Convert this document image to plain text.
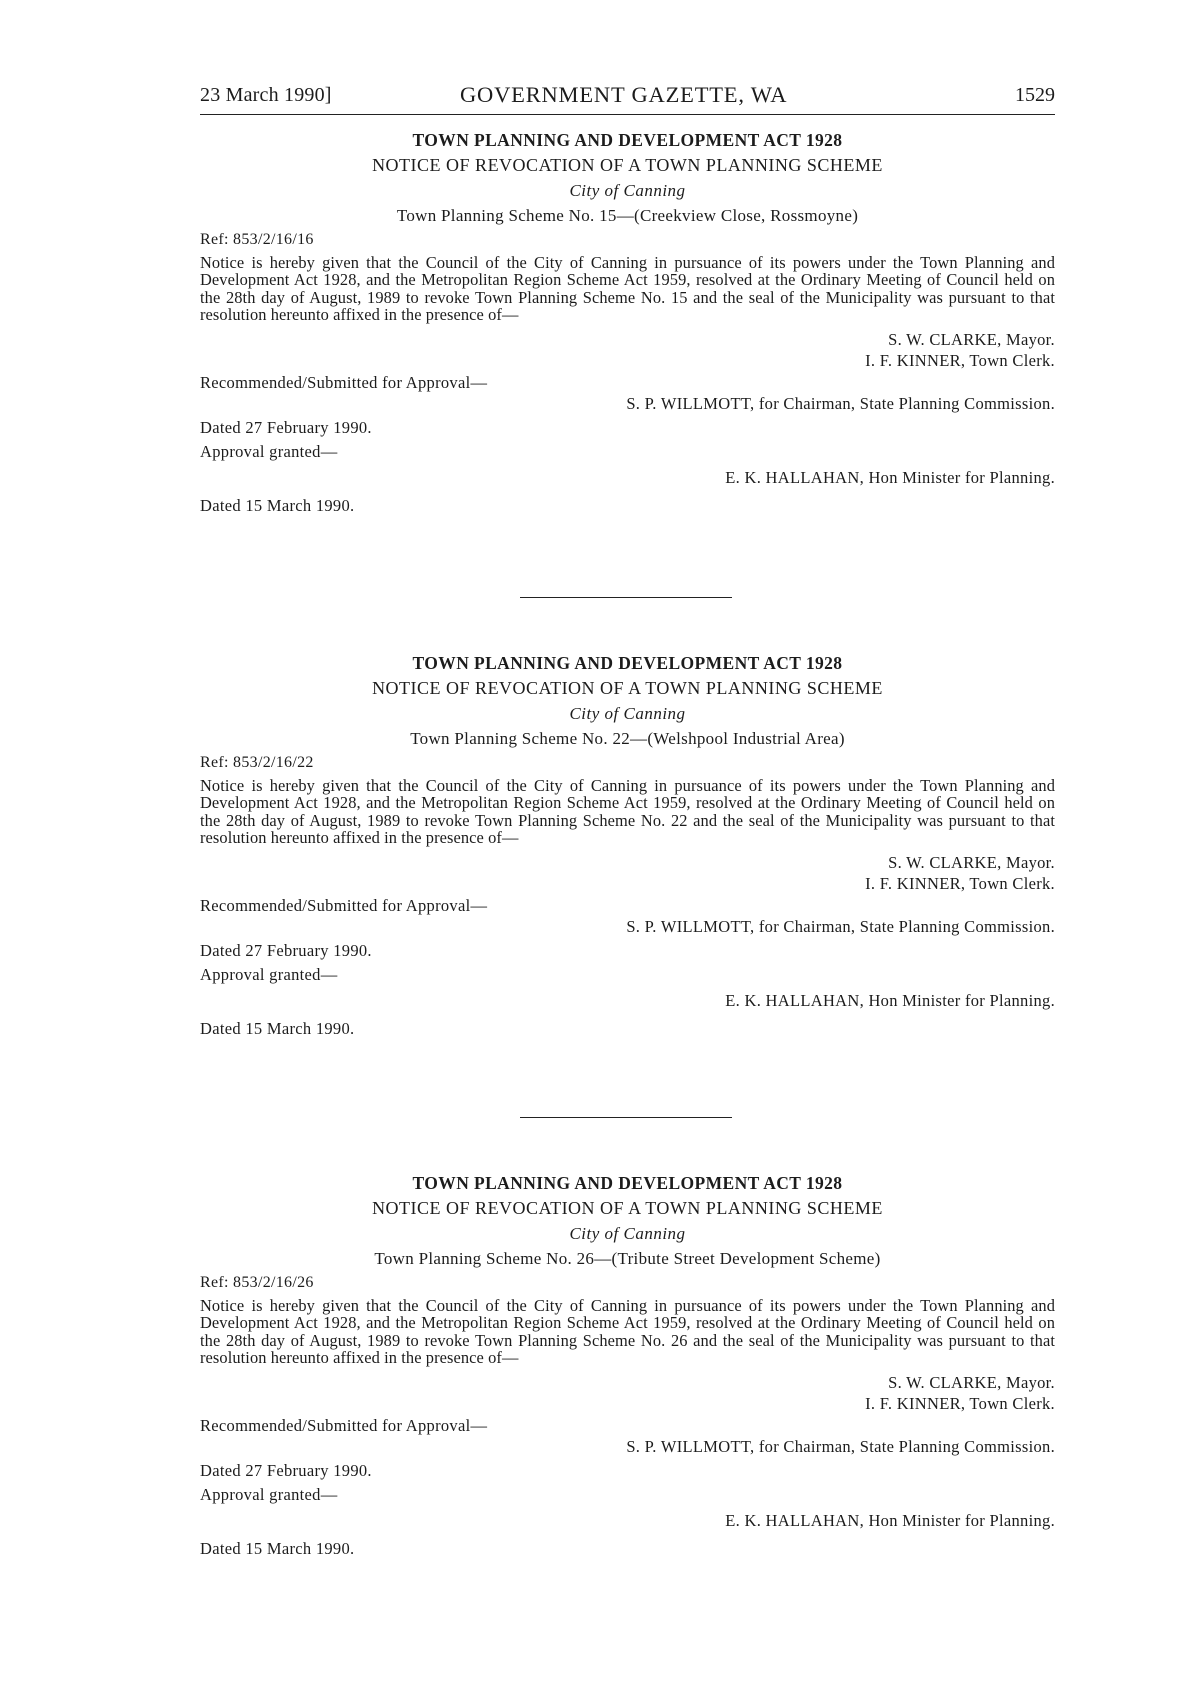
23 March 1990]	GOVERNMENT GAZETTE, WA	1529
TOWN PLANNING AND DEVELOPMENT ACT 1928
NOTICE OF REVOCATION OF A TOWN PLANNING SCHEME
City of Canning
Town Planning Scheme No. 15—(Creekview Close, Rossmoyne)
Ref: 853/2/16/16
Notice is hereby given that the Council of the City of Canning in pursuance of its powers under the Town Planning and Development Act 1928, and the Metropolitan Region Scheme Act 1959, resolved at the Ordinary Meeting of Council held on the 28th day of August, 1989 to revoke Town Planning Scheme No. 15 and the seal of the Municipality was pursuant to that resolution hereunto affixed in the presence of—
S. W. CLARKE, Mayor.
I. F. KINNER, Town Clerk.
Recommended/Submitted for Approval—
S. P. WILLMOTT, for Chairman, State Planning Commission.
Dated 27 February 1990.
Approval granted—
E. K. HALLAHAN, Hon Minister for Planning.
Dated 15 March 1990.
TOWN PLANNING AND DEVELOPMENT ACT 1928
NOTICE OF REVOCATION OF A TOWN PLANNING SCHEME
City of Canning
Town Planning Scheme No. 22—(Welshpool Industrial Area)
Ref: 853/2/16/22
Notice is hereby given that the Council of the City of Canning in pursuance of its powers under the Town Planning and Development Act 1928, and the Metropolitan Region Scheme Act 1959, resolved at the Ordinary Meeting of Council held on the 28th day of August, 1989 to revoke Town Planning Scheme No. 22 and the seal of the Municipality was pursuant to that resolution hereunto affixed in the presence of—
S. W. CLARKE, Mayor.
I. F. KINNER, Town Clerk.
Recommended/Submitted for Approval—
S. P. WILLMOTT, for Chairman, State Planning Commission.
Dated 27 February 1990.
Approval granted—
E. K. HALLAHAN, Hon Minister for Planning.
Dated 15 March 1990.
TOWN PLANNING AND DEVELOPMENT ACT 1928
NOTICE OF REVOCATION OF A TOWN PLANNING SCHEME
City of Canning
Town Planning Scheme No. 26—(Tribute Street Development Scheme)
Ref: 853/2/16/26
Notice is hereby given that the Council of the City of Canning in pursuance of its powers under the Town Planning and Development Act 1928, and the Metropolitan Region Scheme Act 1959, resolved at the Ordinary Meeting of Council held on the 28th day of August, 1989 to revoke Town Planning Scheme No. 26 and the seal of the Municipality was pursuant to that resolution hereunto affixed in the presence of—
S. W. CLARKE, Mayor.
I. F. KINNER, Town Clerk.
Recommended/Submitted for Approval—
S. P. WILLMOTT, for Chairman, State Planning Commission.
Dated 27 February 1990.
Approval granted—
E. K. HALLAHAN, Hon Minister for Planning.
Dated 15 March 1990.
